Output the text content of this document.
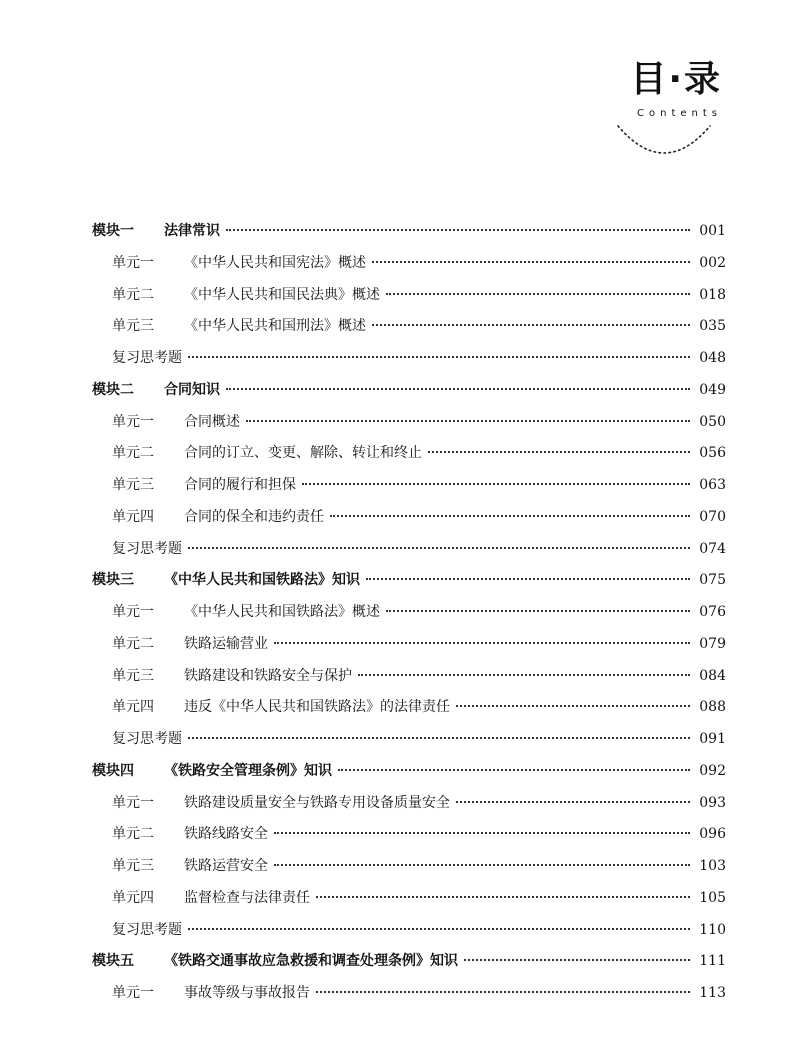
目·录
Contents
模块一	法律常识	001
单元一	《中华人民共和国宪法》概述	002
单元二	《中华人民共和国民法典》概述	018
单元三	《中华人民共和国刑法》概述	035
复习思考题	048
模块二	合同知识	049
单元一	合同概述	050
单元二	合同的订立、变更、解除、转让和终止	056
单元三	合同的履行和担保	063
单元四	合同的保全和违约责任	070
复习思考题	074
模块三	《中华人民共和国铁路法》知识	075
单元一	《中华人民共和国铁路法》概述	076
单元二	铁路运输营业	079
单元三	铁路建设和铁路安全与保护	084
单元四	违反《中华人民共和国铁路法》的法律责任	088
复习思考题	091
模块四	《铁路安全管理条例》知识	092
单元一	铁路建设质量安全与铁路专用设备质量安全	093
单元二	铁路线路安全	096
单元三	铁路运营安全	103
单元四	监督检查与法律责任	105
复习思考题	110
模块五	《铁路交通事故应急救援和调查处理条例》知识	111
单元一	事故等级与事故报告	113
